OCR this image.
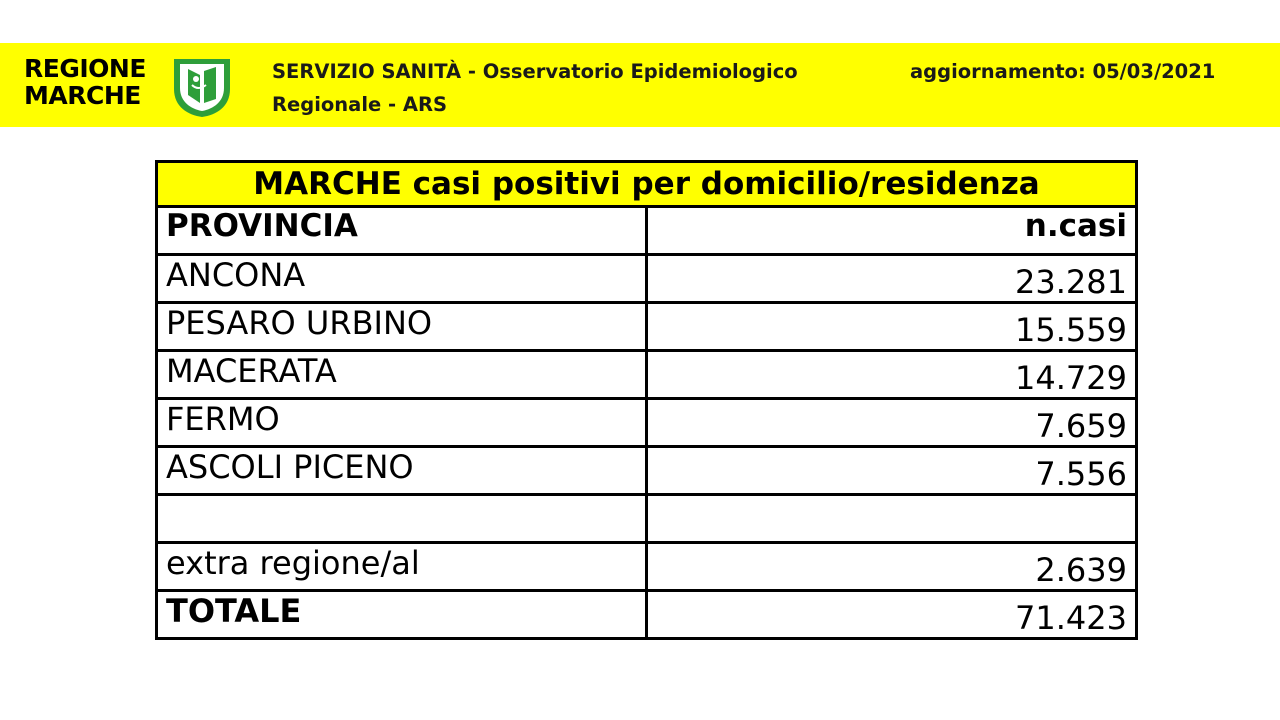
REGIONE
MARCHE
SERVIZIO SANITÀ - Osservatorio Epidemiologico
Regionale - ARS
aggiornamento: 05/03/2021
MARCHE casi positivi per domicilio/residenza	
PROVINCIA	n.casi
ANCONA	23.281
PESARO URBINO	15.559
MACERATA	14.729
FERMO	7.659
ASCOLI PICENO	7.556

extra regione/al	2.639
TOTALE	71.423
